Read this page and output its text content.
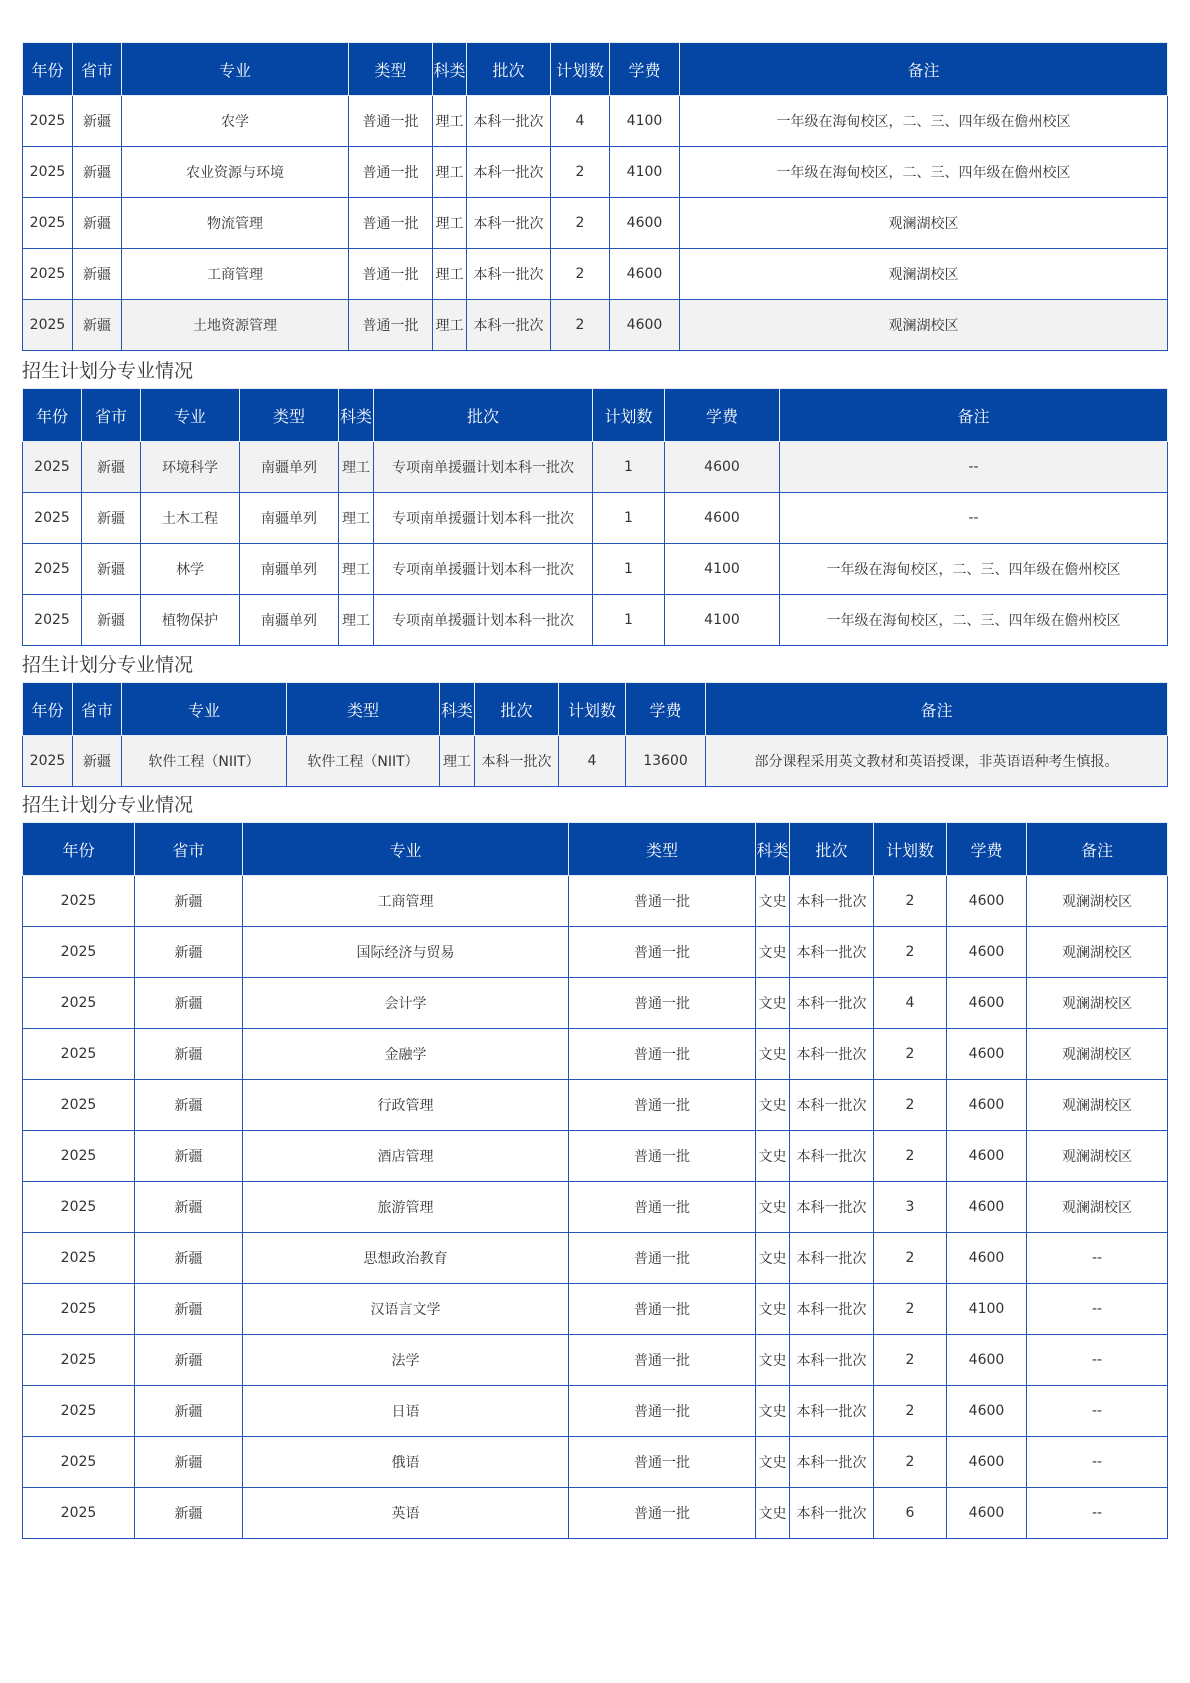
年份	省市	专业	类型	科类	批次	计划数	学费	备注
2025	新疆	农学	普通一批	理工	本科一批次	4	4100	一年级在海甸校区，二、三、四年级在儋州校区
2025	新疆	农业资源与环境	普通一批	理工	本科一批次	2	4100	一年级在海甸校区，二、三、四年级在儋州校区
2025	新疆	物流管理	普通一批	理工	本科一批次	2	4600	观澜湖校区
2025	新疆	工商管理	普通一批	理工	本科一批次	2	4600	观澜湖校区
2025	新疆	土地资源管理	普通一批	理工	本科一批次	2	4600	观澜湖校区
招生计划分专业情况
年份	省市	专业	类型	科类	批次	计划数	学费	备注
2025	新疆	环境科学	南疆单列	理工	专项南单援疆计划本科一批次	1	4600	--
2025	新疆	土木工程	南疆单列	理工	专项南单援疆计划本科一批次	1	4600	--
2025	新疆	林学	南疆单列	理工	专项南单援疆计划本科一批次	1	4100	一年级在海甸校区，二、三、四年级在儋州校区
2025	新疆	植物保护	南疆单列	理工	专项南单援疆计划本科一批次	1	4100	一年级在海甸校区，二、三、四年级在儋州校区
招生计划分专业情况
年份	省市	专业	类型	科类	批次	计划数	学费	备注
2025	新疆	软件工程（NIIT）	软件工程（NIIT）	理工	本科一批次	4	13600	部分课程采用英文教材和英语授课，非英语语种考生慎报。
招生计划分专业情况
年份	省市	专业	类型	科类	批次	计划数	学费	备注
2025	新疆	工商管理	普通一批	文史	本科一批次	2	4600	观澜湖校区
2025	新疆	国际经济与贸易	普通一批	文史	本科一批次	2	4600	观澜湖校区
2025	新疆	会计学	普通一批	文史	本科一批次	4	4600	观澜湖校区
2025	新疆	金融学	普通一批	文史	本科一批次	2	4600	观澜湖校区
2025	新疆	行政管理	普通一批	文史	本科一批次	2	4600	观澜湖校区
2025	新疆	酒店管理	普通一批	文史	本科一批次	2	4600	观澜湖校区
2025	新疆	旅游管理	普通一批	文史	本科一批次	3	4600	观澜湖校区
2025	新疆	思想政治教育	普通一批	文史	本科一批次	2	4600	--
2025	新疆	汉语言文学	普通一批	文史	本科一批次	2	4100	--
2025	新疆	法学	普通一批	文史	本科一批次	2	4600	--
2025	新疆	日语	普通一批	文史	本科一批次	2	4600	--
2025	新疆	俄语	普通一批	文史	本科一批次	2	4600	--
2025	新疆	英语	普通一批	文史	本科一批次	6	4600	--
